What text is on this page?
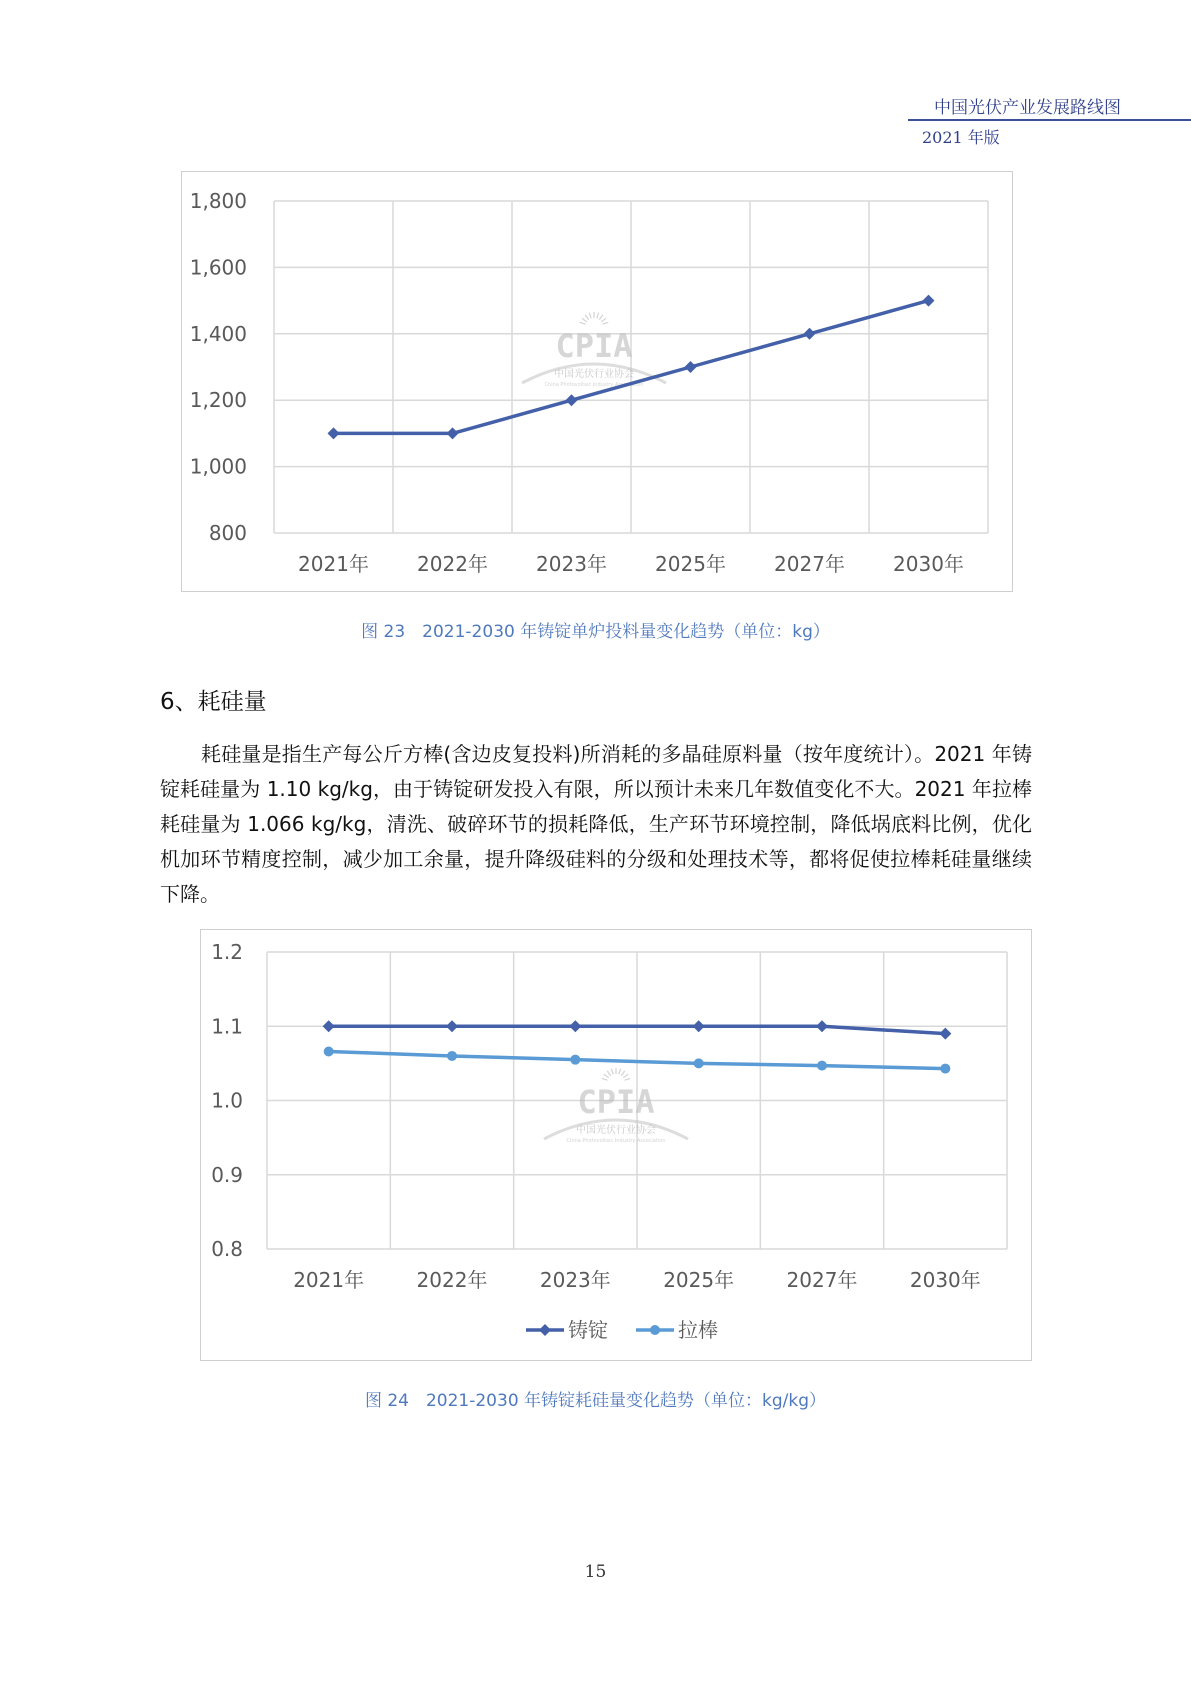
中国光伏产业发展路线图
2021 年版
800
1,000
1,200
1,400
1,600
1,800
2021年 2022年 2023年 2025年 2027年 2030年
CPIA
中国光伏行业协会
China Photovoltaic Industry Association
图 23　2021-2030 年铸锭单炉投料量变化趋势（单位：kg）
6、耗硅量
耗硅量是指生产每公斤方棒(含边皮复投料)所消耗的多晶硅原料量（按年度统计）。2021 年铸锭耗硅量为 1.10 kg/kg，由于铸锭研发投入有限，所以预计未来几年数值变化不大。2021 年拉棒耗硅量为 1.066 kg/kg，清洗、破碎环节的损耗降低，生产环节环境控制，降低埚底料比例，优化机加环节精度控制，减少加工余量，提升降级硅料的分级和处理技术等，都将促使拉棒耗硅量继续下降。
0.8
0.9
1.0
1.1
1.2
2021年	2022年	2023年	2025年	2027年	2030年
CPIA
中国光伏行业协会
China Photovoltaic Industry Association
铸锭	拉棒
图 24　2021-2030 年铸锭耗硅量变化趋势（单位：kg/kg）
15
